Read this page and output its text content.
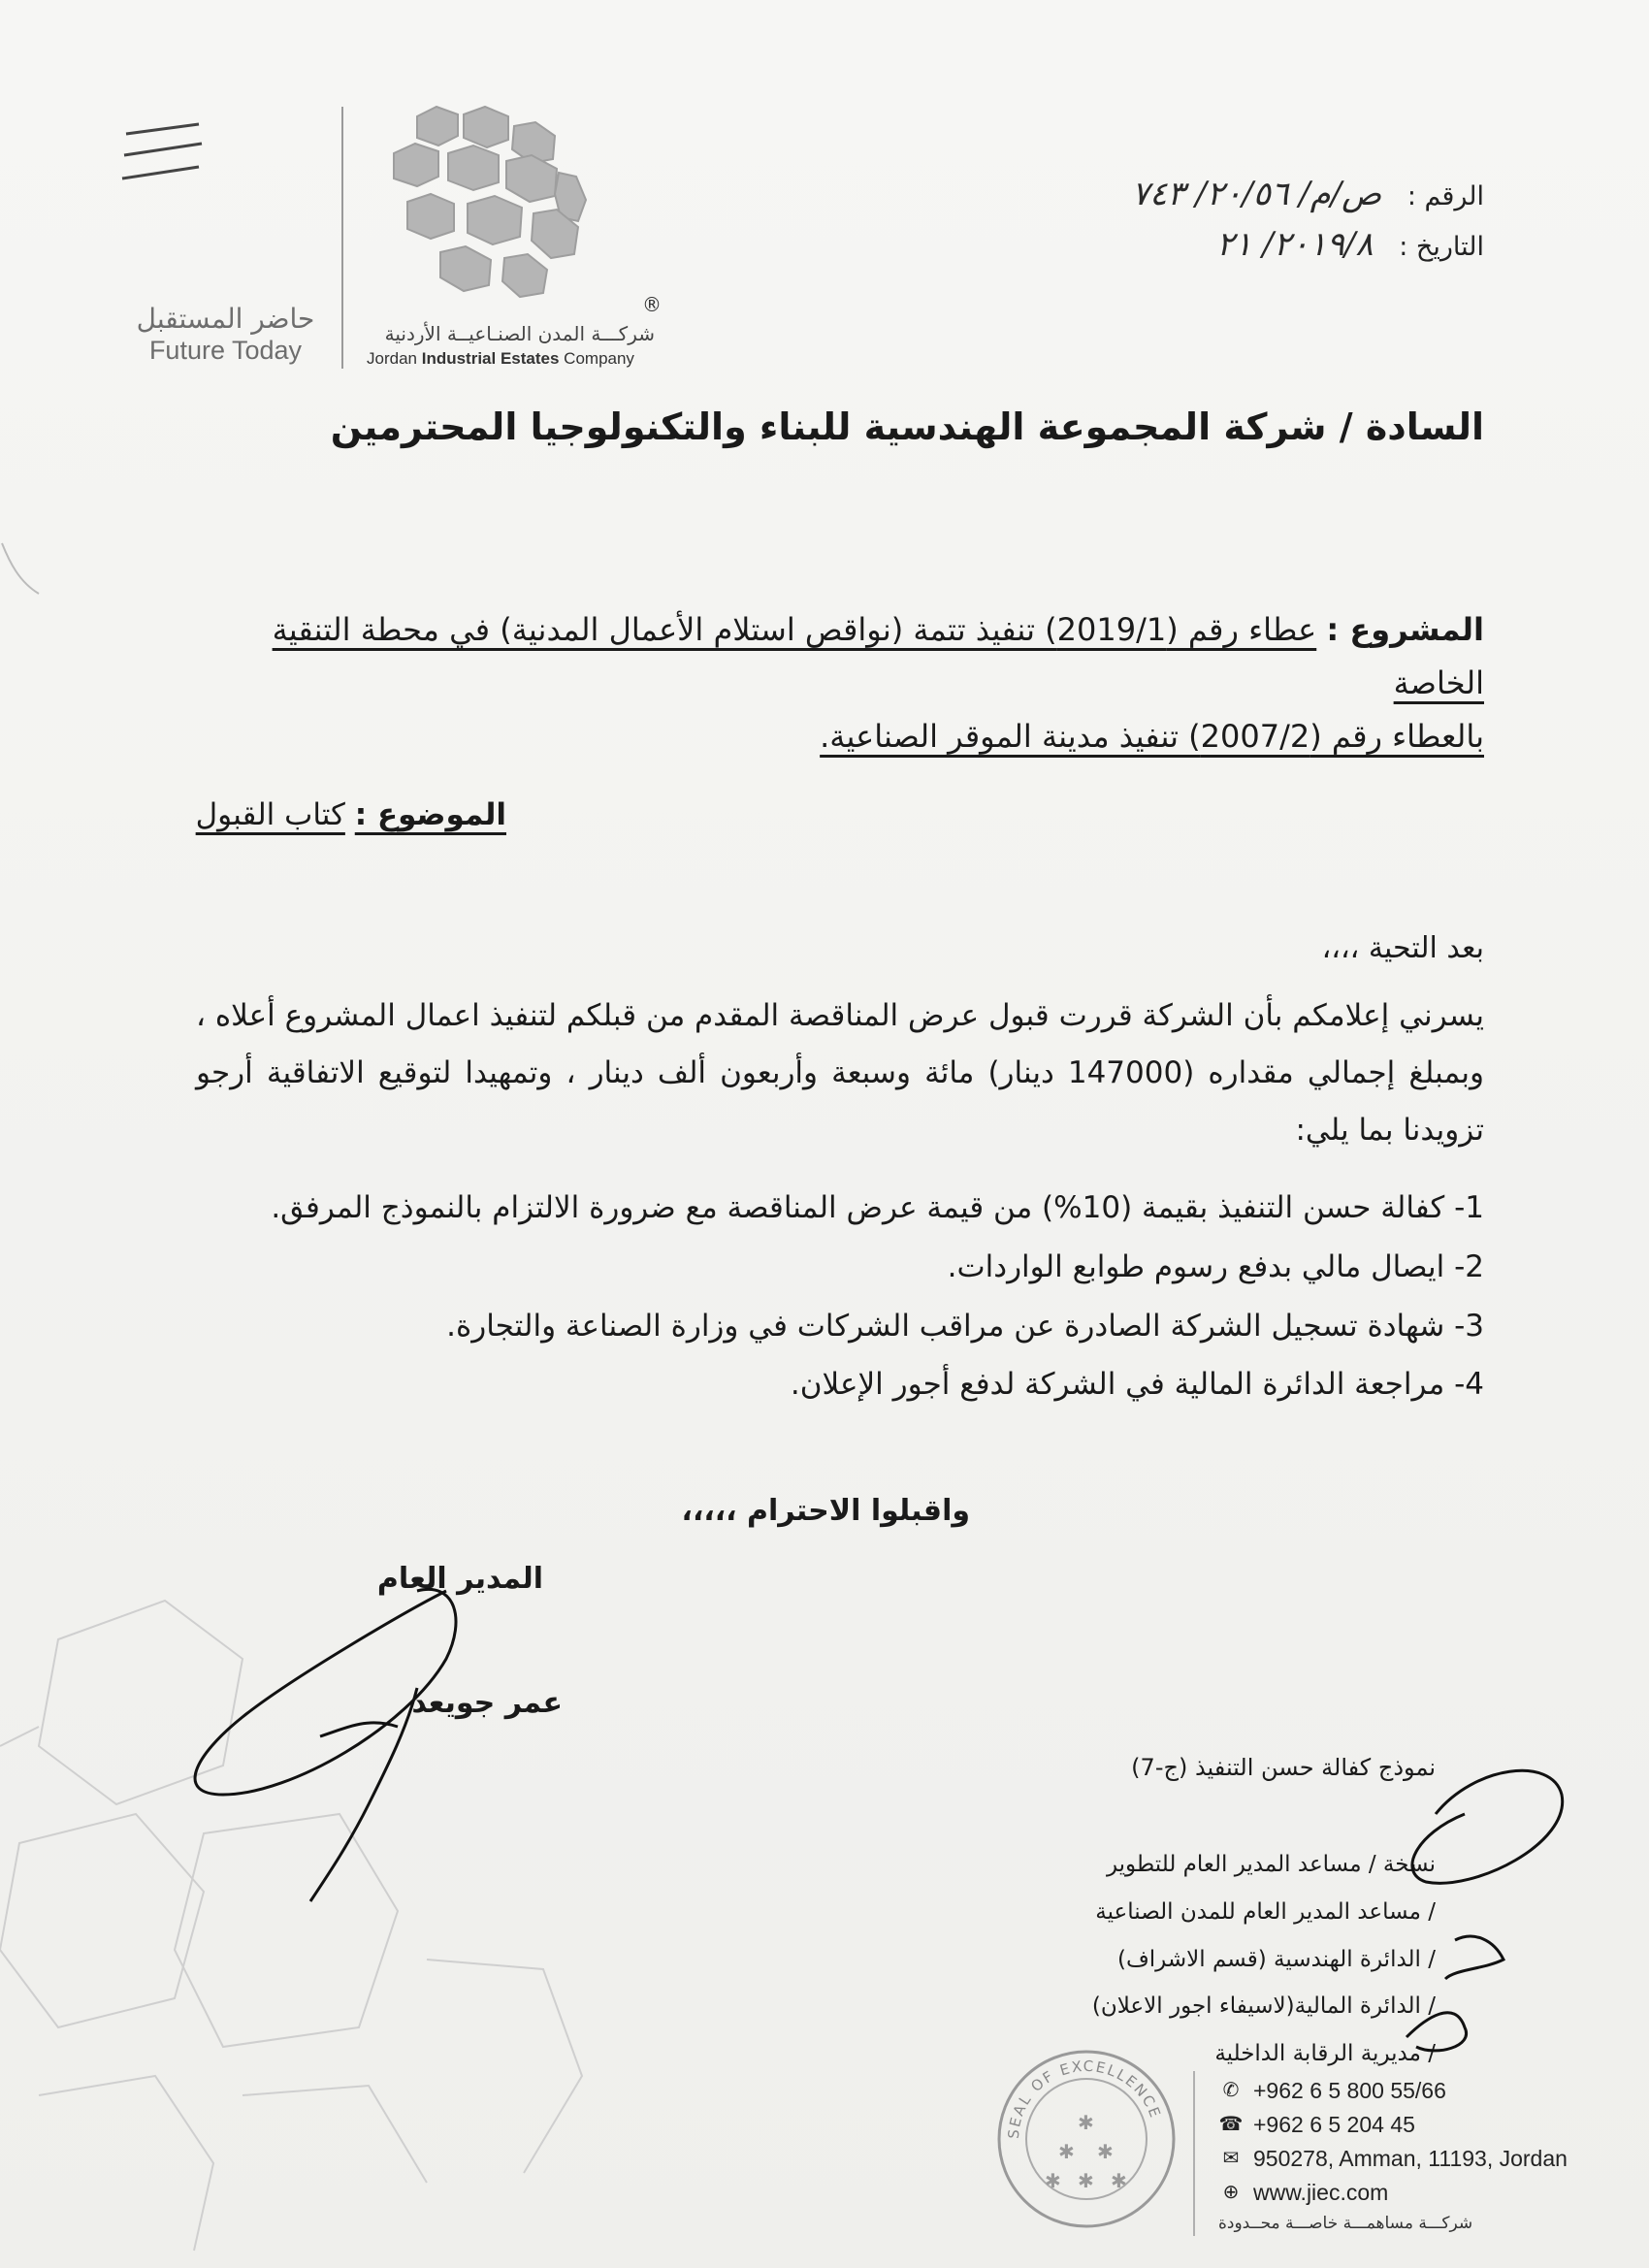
®
حاضر المستقبل
Future Today
شركـــة المدن الصنـاعيــة الأردنية
Jordan Industrial Estates Company
الرقم : ص/م/ ٢٠/٥٦/ ٧٤٣
التاريخ : ٢٠١٩/٨/ ٢١
السادة / شركة المجموعة الهندسية للبناء والتكنولوجيا المحترمين
المشروع : عطاء رقم (2019/1) تنفيذ تتمة (نواقص استلام الأعمال المدنية) في محطة التنقية الخاصة
بالعطاء رقم (2007/2) تنفيذ مدينة الموقر الصناعية.
الموضوع : كتاب القبول
بعد التحية ،،،،
يسرني إعلامكم بأن الشركة قررت قبول عرض المناقصة المقدم من قبلكم لتنفيذ اعمال المشروع أعلاه ، وبمبلغ إجمالي مقداره (147000 دينار) مائة وسبعة وأربعون ألف دينار ، وتمهيدا لتوقيع الاتفاقية أرجو تزويدنا بما يلي:
1- كفالة حسن التنفيذ بقيمة (10%) من قيمة عرض المناقصة مع ضرورة الالتزام بالنموذج المرفق.
2- ايصال مالي بدفع رسوم طوابع الواردات.
3- شهادة تسجيل الشركة الصادرة عن مراقب الشركات في وزارة الصناعة والتجارة.
4- مراجعة الدائرة المالية في الشركة لدفع أجور الإعلان.
واقبلوا الاحترام ،،،،،
المدير العام
عمر جويعد
نموذج كفالة حسن التنفيذ (ج-7)
نسخة / مساعد المدير العام للتطوير
/ مساعد المدير العام للمدن الصناعية
/ الدائرة الهندسية (قسم الاشراف)
/ الدائرة المالية(لاسيفاء اجور الاعلان)
/ مديرية الرقابة الداخلية
SEAL OF EXCELLENCE
✱
✱ ✱
✱ ✱ ✱
✆ +962 6 5 800 55/66
☎ +962 6 5 204 45
✉ 950278, Amman, 11193, Jordan
⊕ www.jiec.com
شركـــة مساهمـــة خاصـــة محــدودة
